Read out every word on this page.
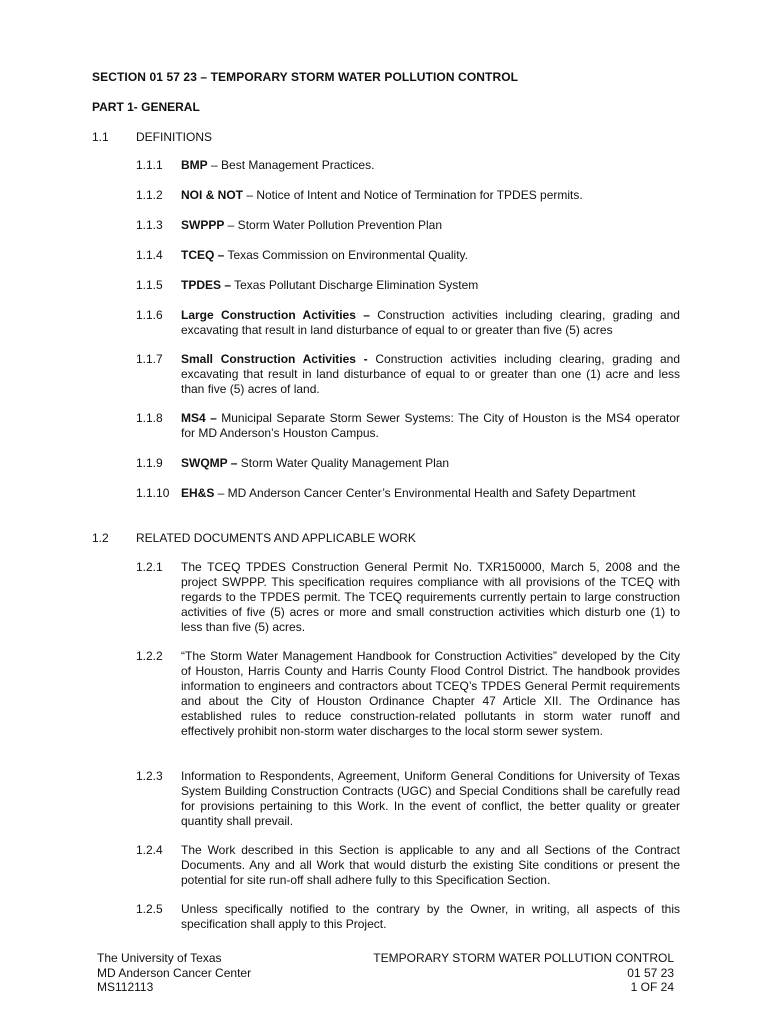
SECTION 01 57 23 – TEMPORARY STORM WATER POLLUTION CONTROL
PART 1- GENERAL
1.1 DEFINITIONS
1.1.1 BMP – Best Management Practices.
1.1.2 NOI & NOT – Notice of Intent and Notice of Termination for TPDES permits.
1.1.3 SWPPP – Storm Water Pollution Prevention Plan
1.1.4 TCEQ – Texas Commission on Environmental Quality.
1.1.5 TPDES – Texas Pollutant Discharge Elimination System
1.1.6 Large Construction Activities – Construction activities including clearing, grading and excavating that result in land disturbance of equal to or greater than five (5) acres
1.1.7 Small Construction Activities - Construction activities including clearing, grading and excavating that result in land disturbance of equal to or greater than one (1) acre and less than five (5) acres of land.
1.1.8 MS4 – Municipal Separate Storm Sewer Systems: The City of Houston is the MS4 operator for MD Anderson’s Houston Campus.
1.1.9 SWQMP – Storm Water Quality Management Plan
1.1.10 EH&S – MD Anderson Cancer Center’s Environmental Health and Safety Department
1.2 RELATED DOCUMENTS AND APPLICABLE WORK
1.2.1 The TCEQ TPDES Construction General Permit No. TXR150000, March 5, 2008 and the project SWPPP. This specification requires compliance with all provisions of the TCEQ with regards to the TPDES permit. The TCEQ requirements currently pertain to large construction activities of five (5) acres or more and small construction activities which disturb one (1) to less than five (5) acres.
1.2.2 “The Storm Water Management Handbook for Construction Activities” developed by the City of Houston, Harris County and Harris County Flood Control District. The handbook provides information to engineers and contractors about TCEQ’s TPDES General Permit requirements and about the City of Houston Ordinance Chapter 47 Article XII. The Ordinance has established rules to reduce construction-related pollutants in storm water runoff and effectively prohibit non-storm water discharges to the local storm sewer system.
1.2.3 Information to Respondents, Agreement, Uniform General Conditions for University of Texas System Building Construction Contracts (UGC) and Special Conditions shall be carefully read for provisions pertaining to this Work. In the event of conflict, the better quality or greater quantity shall prevail.
1.2.4 The Work described in this Section is applicable to any and all Sections of the Contract Documents. Any and all Work that would disturb the existing Site conditions or present the potential for site run-off shall adhere fully to this Specification Section.
1.2.5 Unless specifically notified to the contrary by the Owner, in writing, all aspects of this specification shall apply to this Project.
The University of Texas
MD Anderson Cancer Center
MS112113
TEMPORARY STORM WATER POLLUTION CONTROL
01 57 23
1 OF 24
